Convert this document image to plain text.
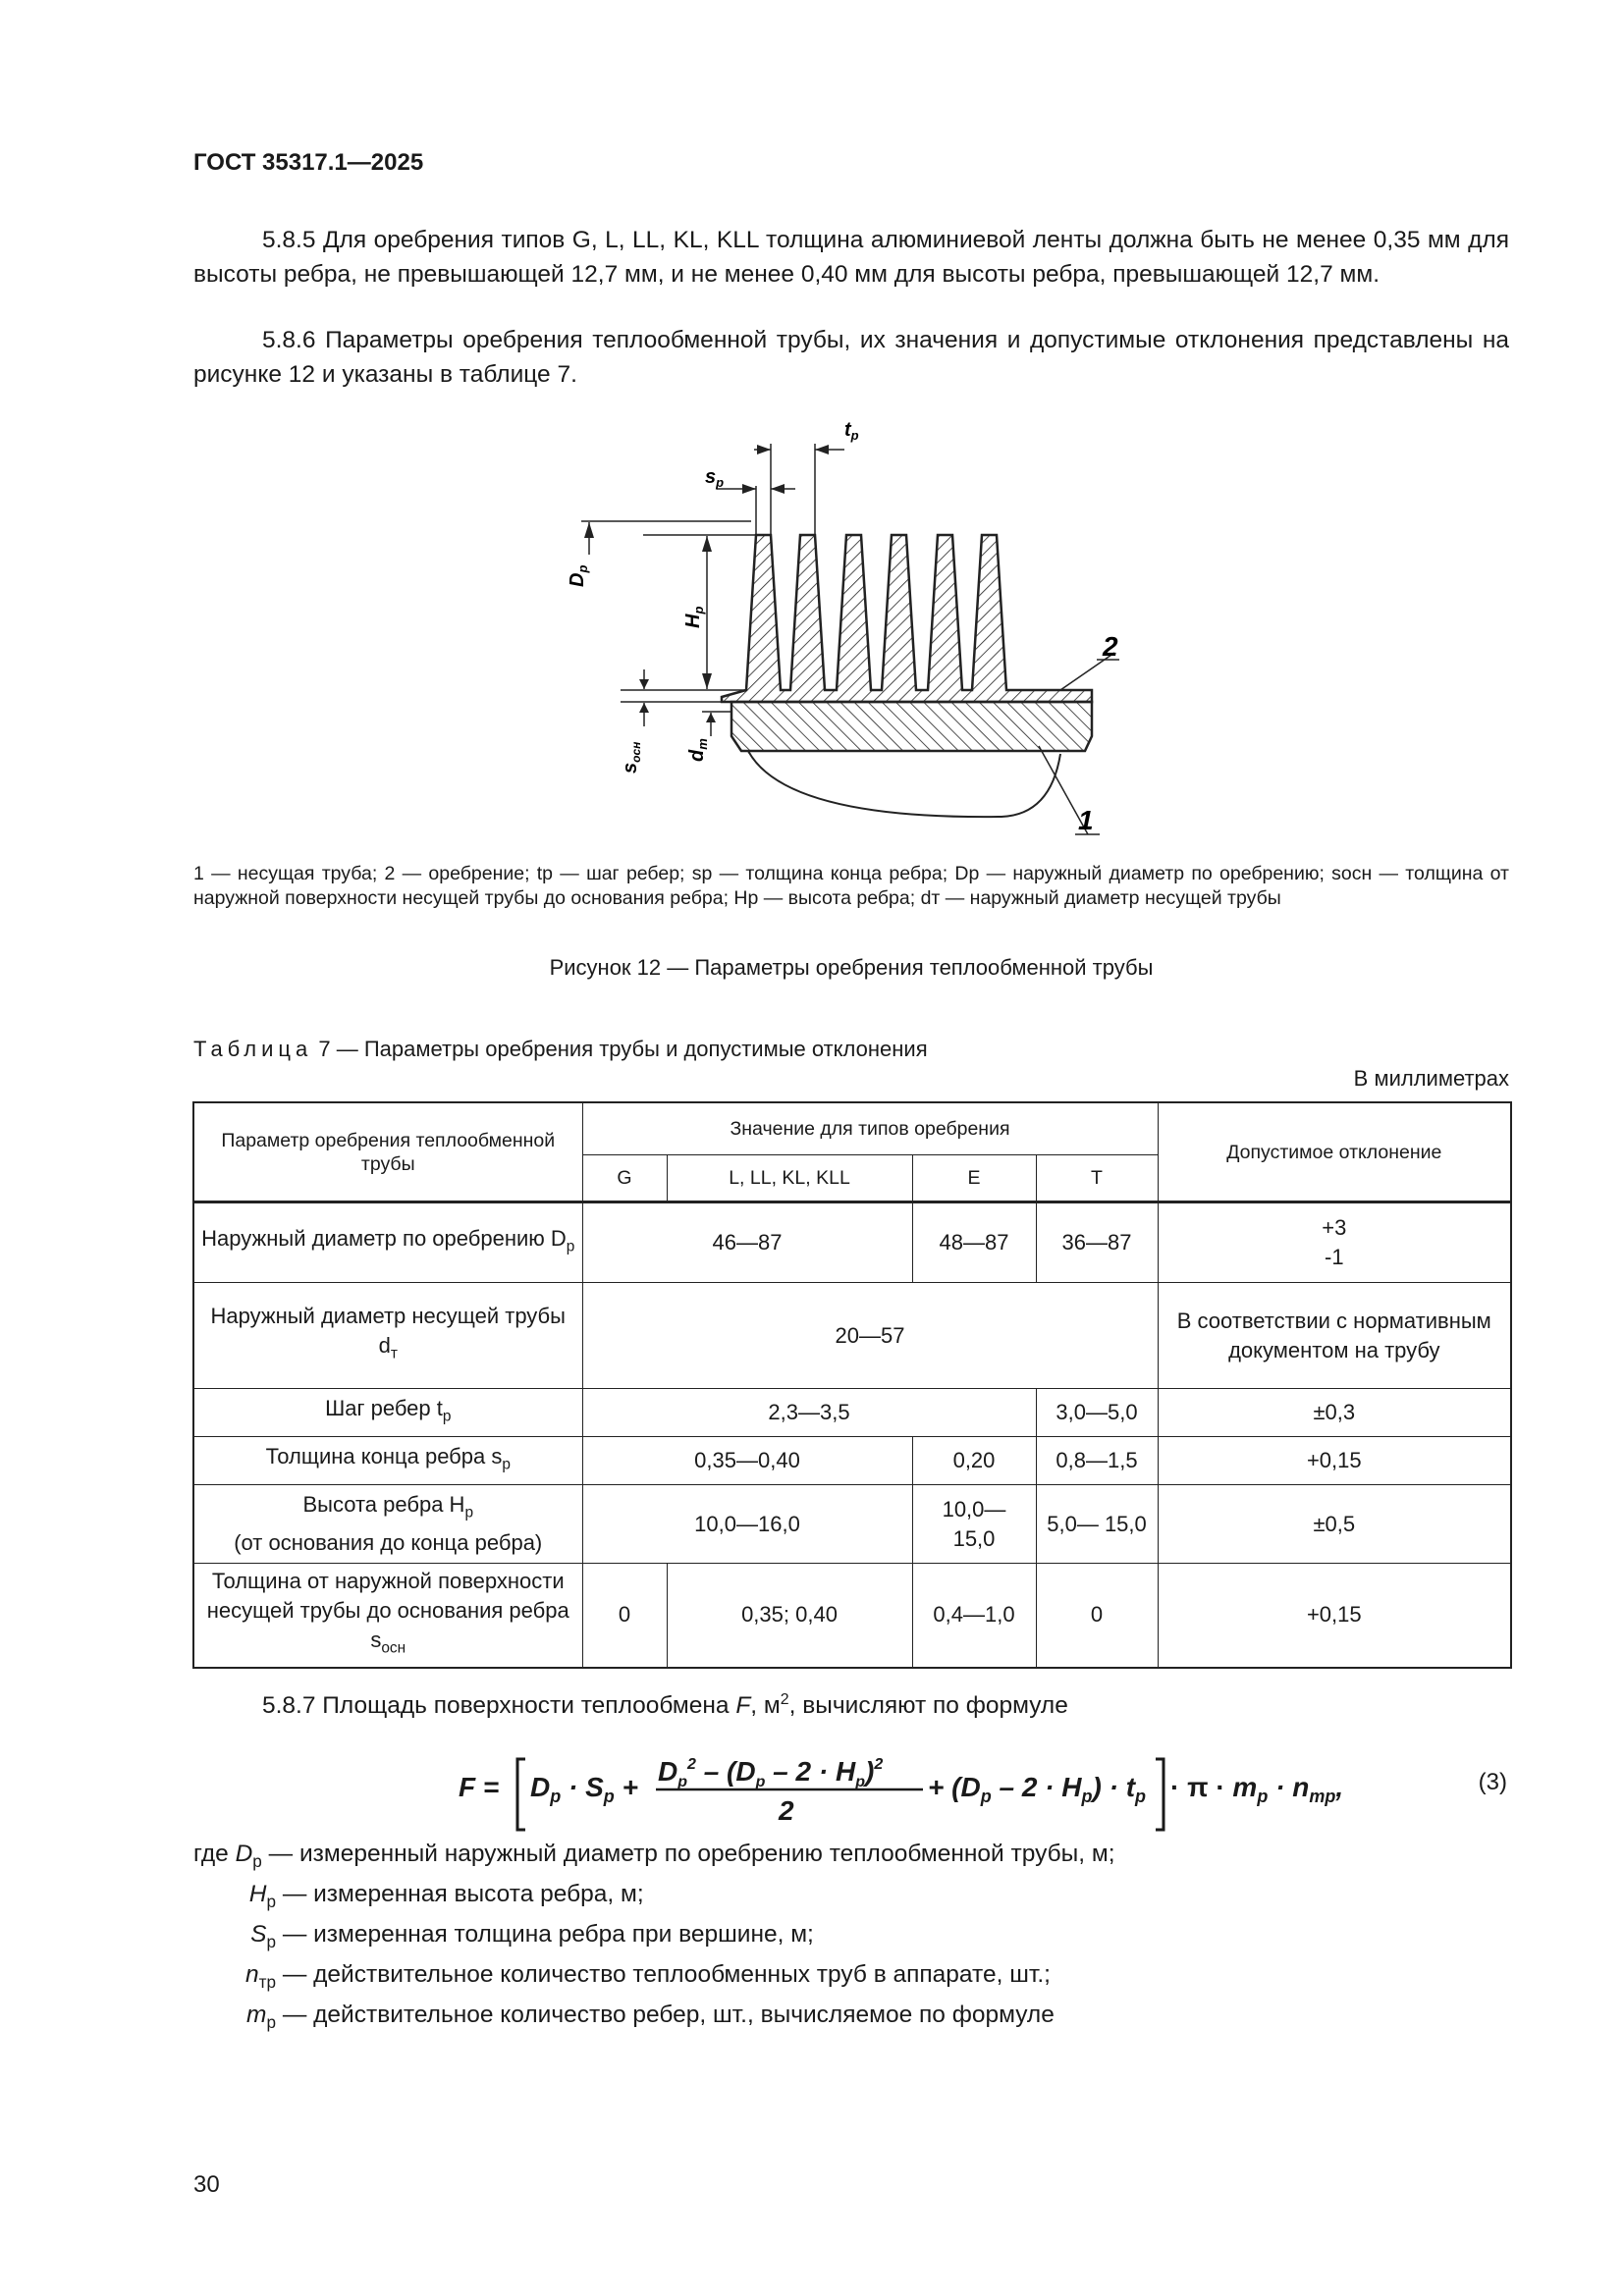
ГОСТ 35317.1—2025
5.8.5 Для оребрения типов G, L, LL, KL, KLL толщина алюминиевой ленты должна быть не менее 0,35 мм для высоты ребра, не превышающей 12,7 мм, и не менее 0,40 мм для высоты ребра, превышающей 12,7 мм.
5.8.6 Параметры оребрения теплообменной трубы, их значения и допустимые отклонения представлены на рисунке 12 и указаны в таблице 7.
$t_р$
$s_р$
$D_р$
$H_р$
$s_{осн}$ $d_т$
2
1
1 — несущая труба; 2 — оребрение; tр — шаг ребер; sр — толщина конца ребра; Dр — наружный диаметр по оребрению; sосн — толщина от наружной поверхности несущей трубы до основания ребра; Hр — высота ребра; dт — наружный диаметр несущей трубы
Рисунок 12 — Параметры оребрения теплообменной трубы
Таблица 7 — Параметры оребрения трубы и допустимые отклонения
В миллиметрах
Параметр оребрения теплообменной трубы	Значение для типов оребрения				Допустимое отклонение
	G	L, LL, KL, KLL	E	T	
Наружный диаметр по оребрению $D_р$	46—87		48—87	36—87	+3
-1
Наружный диаметр несущей трубы $d_т$	20—57				В соответствии с нормативным документом на трубу
Шаг ребер $t_р$	2,3—3,5			3,0—5,0	±0,3
Толщина конца ребра $s_р$	0,35—0,40		0,20	0,8—1,5	+0,15
Высота ребра $H_р$
(от основания до конца ребра)	10,0—16,0		10,0— 15,0	5,0— 15,0	±0,5
Толщина от наружной поверхности несущей трубы до основания ребра $s_{осн}$	0	0,35; 0,40	0,4—1,0	0	+0,15
5.8.7 Площадь поверхности теплообмена F, $м^2$, вычисляют по формуле
$F = D_р \cdot S_р$ +
$D_р^2 - (D_р - 2 \cdot H_р)^2$
2
+ $(D_р - 2 \cdot H_р) \cdot t_р \cdot \pi \cdot m_р \cdot n_{тр}$,	(3)
где $D_р$ — измеренный наружный диаметр по оребрению теплообменной трубы, м;
$H_р$ — измеренная высота ребра, м;
$S_р$ — измеренная толщина ребра при вершине, м;
$n_{тр}$ — действительное количество теплообменных труб в аппарате, шт.;
$m_р$ — действительное количество ребер, шт., вычисляемое по формуле
30
